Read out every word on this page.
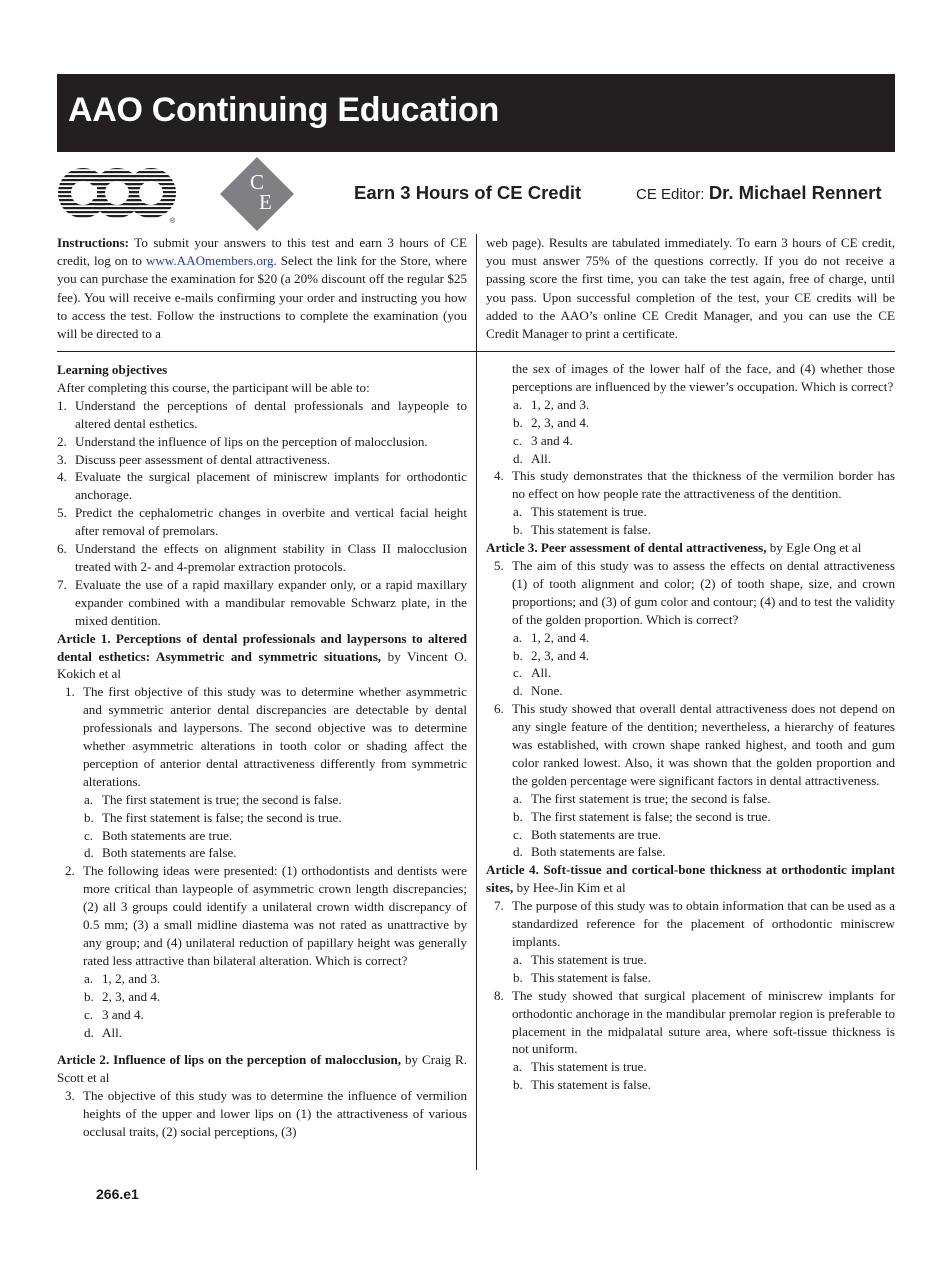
AAO Continuing Education
®
C
E	Earn 3 Hours of CE Credit	CE Editor: Dr. Michael Rennert
Instructions: To submit your answers to this test and earn 3 hours of CE credit, log on to www.AAOmembers.org. Select the link for the Store, where you can purchase the examination for $20 (a 20% discount off the regular $25 fee). You will receive e-mails confirming your order and instructing you how to access the test. Follow the instructions to complete the examination (you will be directed to a
web page). Results are tabulated immediately. To earn 3 hours of CE credit, you must answer 75% of the questions correctly. If you do not receive a passing score the first time, you can take the test again, free of charge, until you pass. Upon successful completion of the test, your CE credits will be added to the AAO’s online CE Credit Manager, and you can use the CE Credit Manager to print a certificate.

Learning objectives

After completing this course, the participant will be able to:

1. Understand the perceptions of dental professionals and laypeople to altered dental esthetics.

2. Understand the influence of lips on the perception of malocclusion.

3. Discuss peer assessment of dental attractiveness.

4. Evaluate the surgical placement of miniscrew implants for orthodontic anchorage.

5. Predict the cephalometric changes in overbite and vertical facial height after removal of premolars.

6. Understand the effects on alignment stability in Class II malocclusion treated with 2- and 4-premolar extraction protocols.

7. Evaluate the use of a rapid maxillary expander only, or a rapid maxillary expander combined with a mandibular removable Schwarz plate, in the mixed dentition.

Article 1. Perceptions of dental professionals and laypersons to altered dental esthetics: Asymmetric and symmetric situations, by Vincent O. Kokich et al

1. The first objective of this study was to determine whether asymmetric and symmetric anterior dental discrepancies are detectable by dental professionals and laypersons. The second objective was to determine whether asymmetric alterations in tooth color or shading affect the perception of anterior dental attractiveness differently from symmetric alterations.

a. The first statement is true; the second is false.

b. The first statement is false; the second is true.

c. Both statements are true.

d. Both statements are false.

2. The following ideas were presented: (1) orthodontists and dentists were more critical than laypeople of asymmetric crown length discrepancies; (2) all 3 groups could identify a unilateral crown width discrepancy of 0.5 mm; (3) a small midline diastema was not rated as unattractive by any group; and (4) unilateral reduction of papillary height was generally rated less attractive than bilateral alteration. Which is correct?

a. 1, 2, and 3.

b. 2, 3, and 4.

c. 3 and 4.

d. All.

Article 2. Influence of lips on the perception of malocclusion, by Craig R. Scott et al

3. The objective of this study was to determine the influence of vermilion heights of the upper and lower lips on (1) the attractiveness of various occlusal traits, (2) social perceptions, (3)

the sex of images of the lower half of the face, and (4) whether those perceptions are influenced by the viewer’s occupation. Which is correct?

a. 1, 2, and 3.

b. 2, 3, and 4.

c. 3 and 4.

d. All.

4. This study demonstrates that the thickness of the vermilion border has no effect on how people rate the attractiveness of the dentition.

a. This statement is true.

b. This statement is false.

Article 3. Peer assessment of dental attractiveness, by Egle Ong et al

5. The aim of this study was to assess the effects on dental attractiveness (1) of tooth alignment and color; (2) of tooth shape, size, and crown proportions; and (3) of gum color and contour; (4) and to test the validity of the golden proportion. Which is correct?

a. 1, 2, and 4.

b. 2, 3, and 4.

c. All.

d. None.

6. This study showed that overall dental attractiveness does not depend on any single feature of the dentition; nevertheless, a hierarchy of features was established, with crown shape ranked highest, and tooth and gum color ranked lowest. Also, it was shown that the golden proportion and the golden percentage were significant factors in dental attractiveness.

a. The first statement is true; the second is false.

b. The first statement is false; the second is true.

c. Both statements are true.

d. Both statements are false.

Article 4. Soft-tissue and cortical-bone thickness at orthodontic implant sites, by Hee-Jin Kim et al

7. The purpose of this study was to obtain information that can be used as a standardized reference for the placement of orthodontic miniscrew implants.

a. This statement is true.

b. This statement is false.

8. The study showed that surgical placement of miniscrew implants for orthodontic anchorage in the mandibular premolar region is preferable to placement in the midpalatal suture area, where soft-tissue thickness is not uniform.

a. This statement is true.

b. This statement is false.

266.e1
